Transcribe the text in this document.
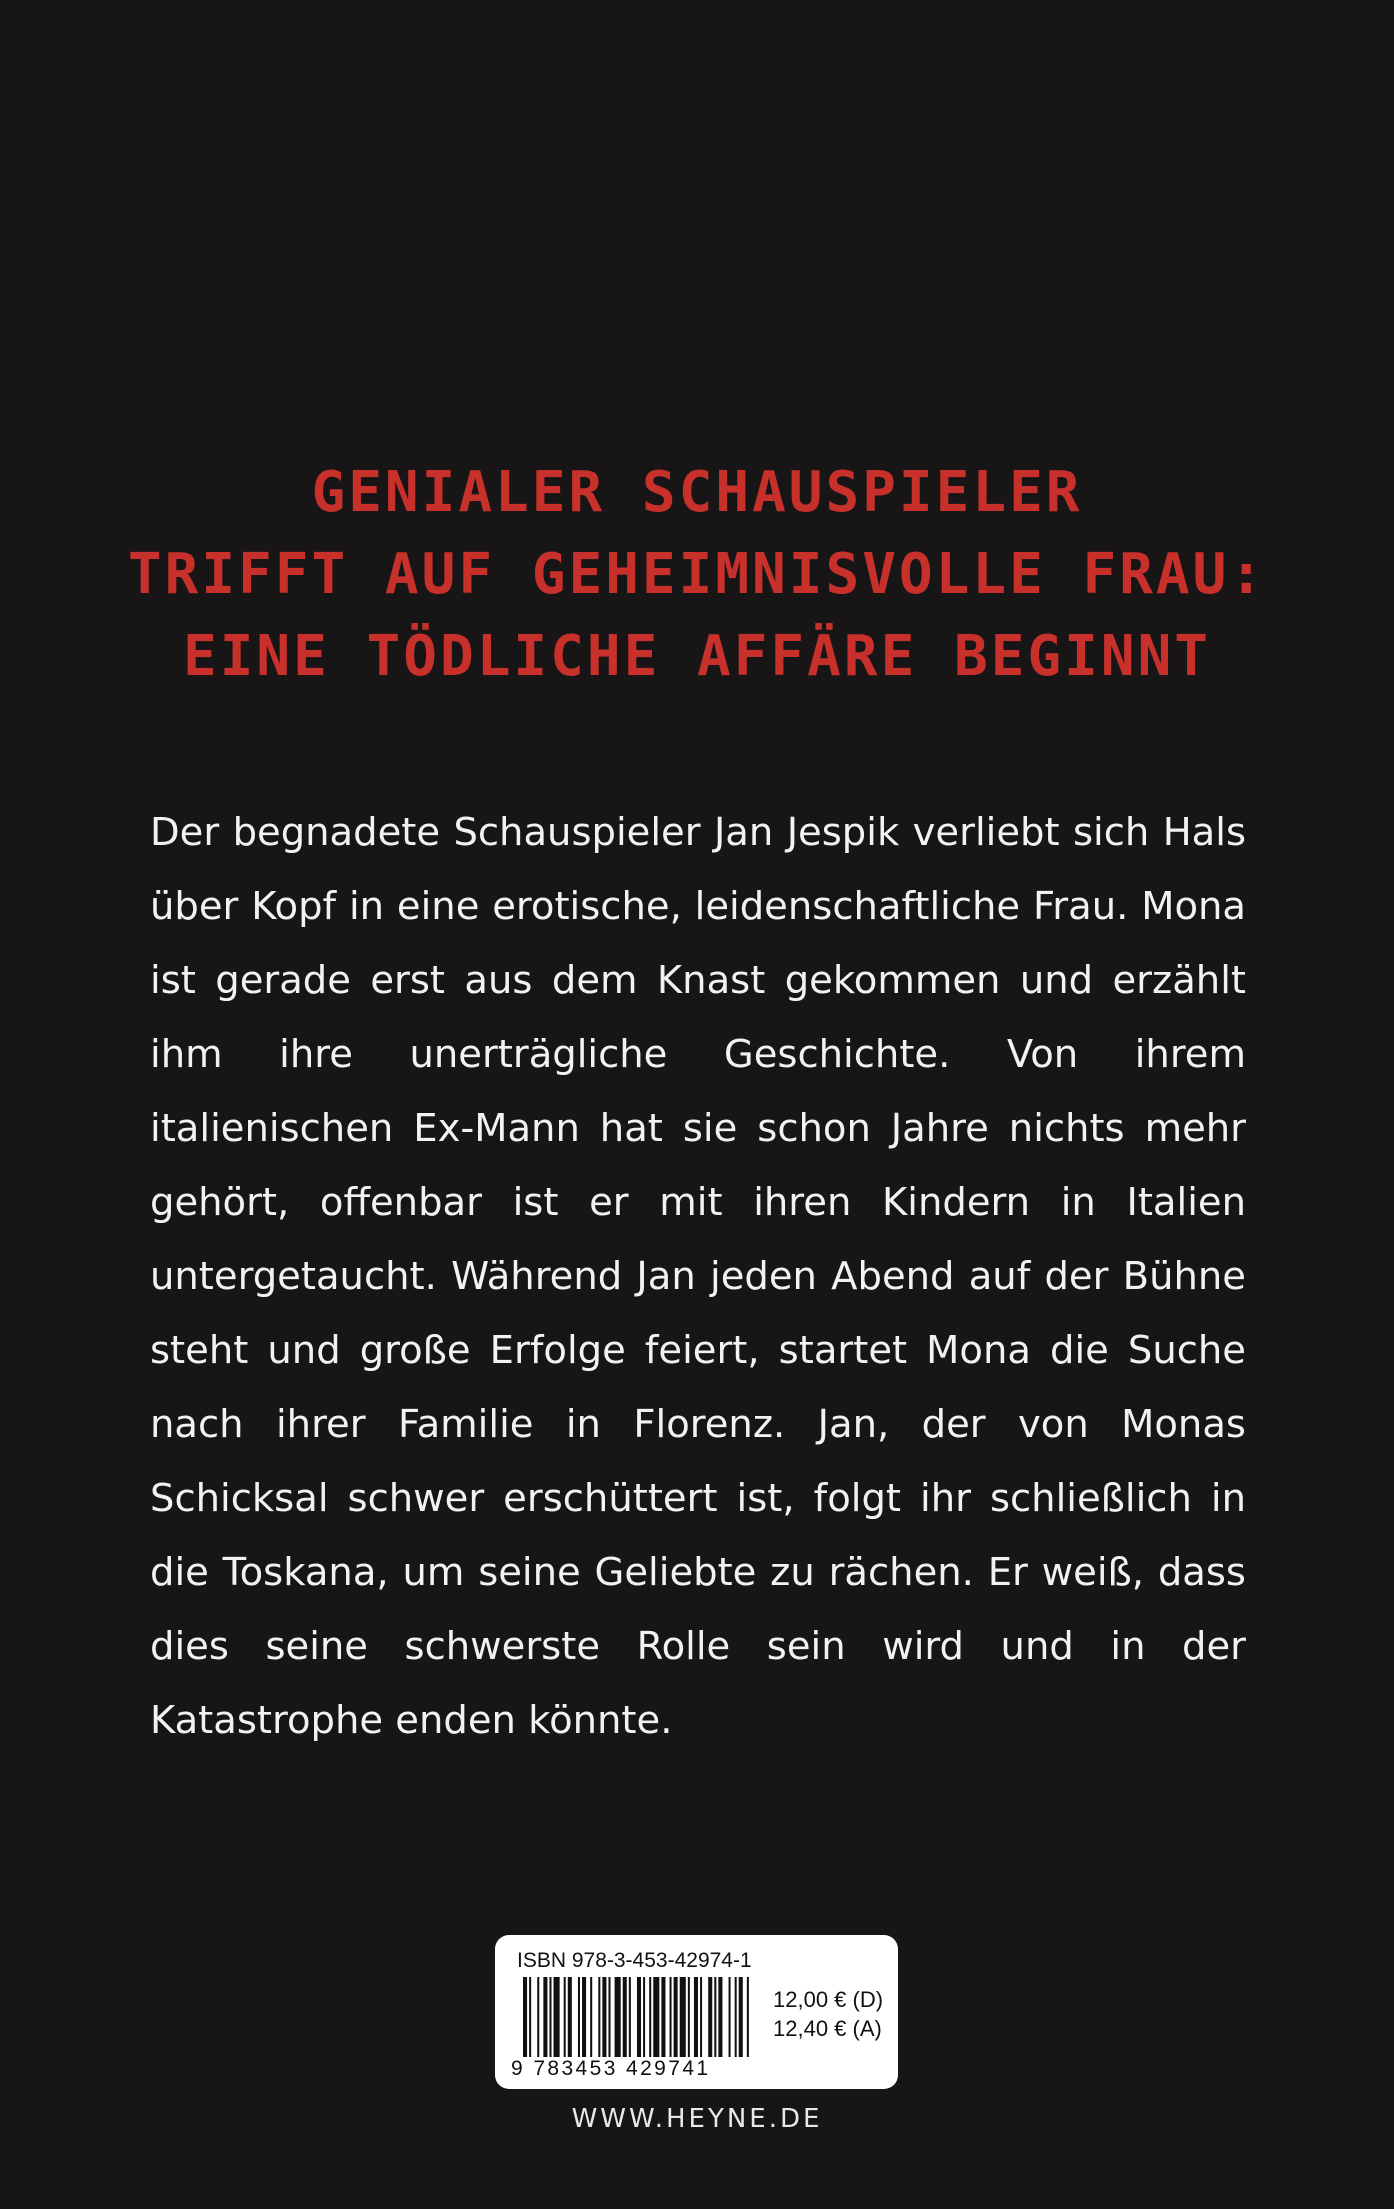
GENIALER SCHAUSPIELER
TRIFFT AUF GEHEIMNISVOLLE FRAU:
EINE TÖDLICHE AFFÄRE BEGINNT

Der begnadete Schauspieler Jan Jespik verliebt sich Hals über Kopf in eine erotische, leidenschaftliche Frau. Mona ist gerade erst aus dem Knast gekommen und erzählt ihm ihre unerträgliche Geschichte. Von ihrem italienischen Ex-Mann hat sie schon Jahre nichts mehr gehört, offenbar ist er mit ihren Kindern in Italien untergetaucht. Während Jan jeden Abend auf der Bühne steht und große Erfolge feiert, startet Mona die Suche nach ihrer Familie in Florenz. Jan, der von Monas Schicksal schwer erschüttert ist, folgt ihr schließlich in die Toskana, um seine Geliebte zu rächen. Er weiß, dass dies seine schwerste Rolle sein wird und in der Katastrophe enden könnte.

ISBN 978-3-453-42974-1
9 783453 429741
12,00 € (D)
12,40 € (A)
WWW.HEYNE.DE
